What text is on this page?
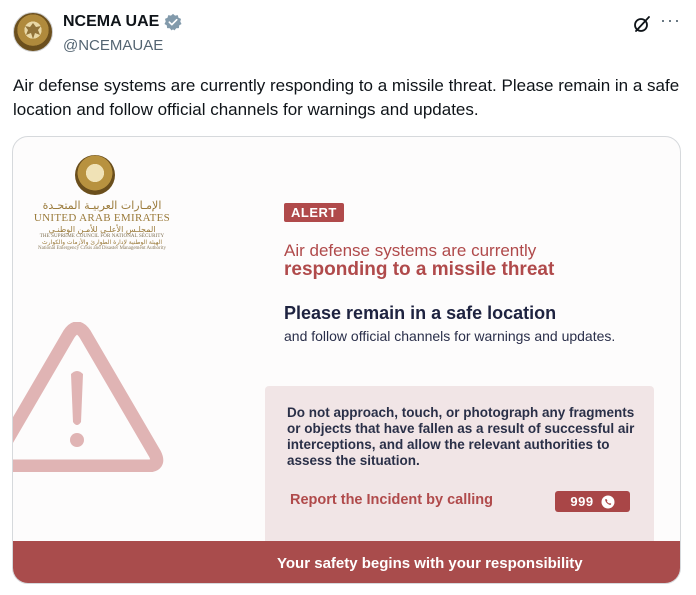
NCEMA UAE
@NCEMAUAE
···
Air defense systems are currently responding to a missile threat. Please remain in a safe location and follow official channels for warnings and updates.
الإمـارات العربيـة المتحـدة
UNITED ARAB EMIRATES
المجلـس الأعلـى للأمـن الوطنـي
THE SUPREME COUNCIL FOR NATIONAL SECURITY
الهيئة الوطنية لإدارة الطوارئ والأزمات والكوارث
National Emergency Crisis and Disaster Management Authority
ALERT
Air defense systems are currently
responding to a missile threat
Please remain in a safe location
and follow official channels for warnings and updates.
Do not approach, touch, or photograph any fragments or objects that have fallen as a result of successful air interceptions, and allow the relevant authorities to assess the situation.
Report the Incident by calling	999
Your safety begins with your responsibility
